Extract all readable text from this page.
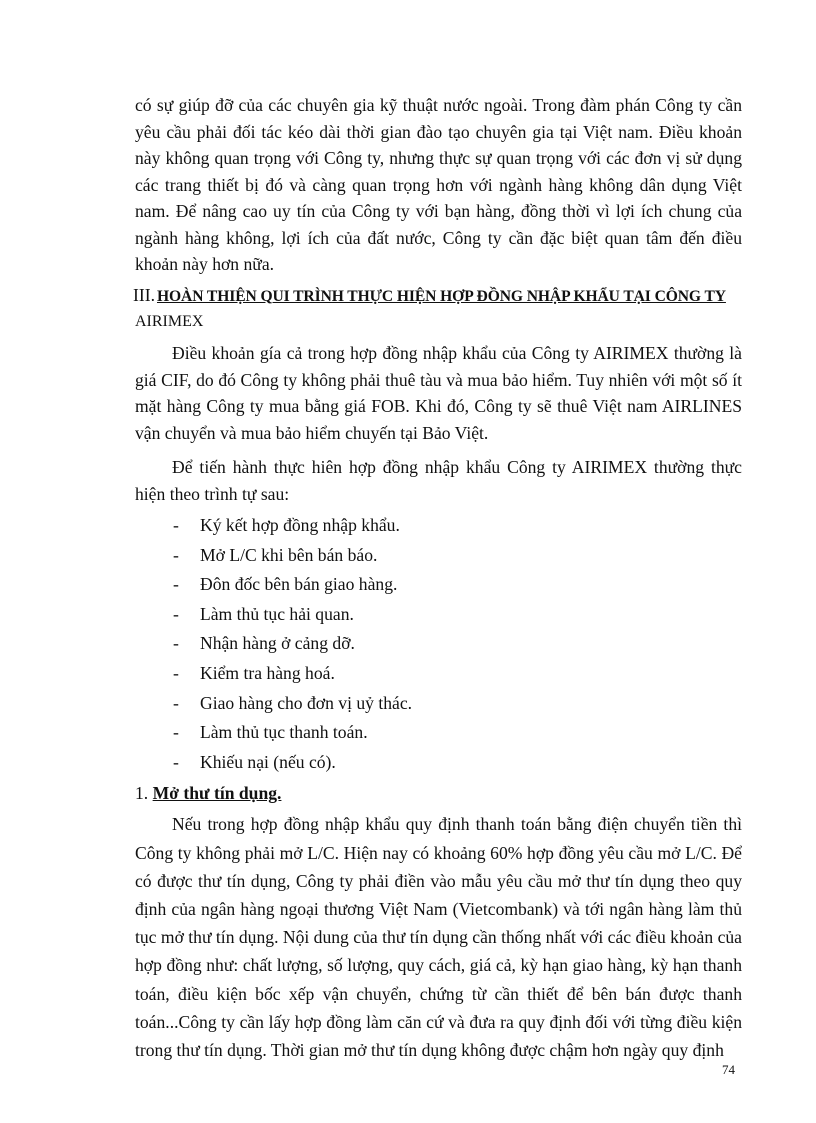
có sự giúp đỡ của các chuyên gia kỹ thuật nước ngoài. Trong đàm phán Công ty cần yêu cầu phải đối tác kéo dài thời gian đào tạo chuyên gia tại Việt nam. Điều khoản này không quan trọng với Công ty, nhưng thực sự quan trọng với các đơn vị sử dụng các trang thiết bị đó và càng quan trọng hơn với ngành hàng không dân dụng Việt nam. Để nâng cao uy tín của Công ty với bạn hàng, đồng thời vì lợi ích chung của ngành hàng không, lợi ích của đất nước, Công ty cần đặc biệt quan tâm đến điều khoản này hơn nữa.

III. HOÀN THIỆN QUI TRÌNH THỰC HIỆN HỢP ĐỒNG NHẬP KHẨU TẠI CÔNG TY
AIRIMEX

Điều khoản gía cả trong hợp đồng nhập khẩu của Công ty AIRIMEX thường là giá CIF, do đó Công ty không phải thuê tàu và mua bảo hiểm. Tuy nhiên với một số ít mặt hàng Công ty mua bằng giá FOB. Khi đó, Công ty sẽ thuê Việt nam AIRLINES vận chuyển và mua bảo hiểm chuyến tại Bảo Việt.

Để tiến hành thực hiên hợp đồng nhập khẩu Công ty AIRIMEX thường thực hiện theo trình tự sau:

-	Ký kết hợp đồng nhập khẩu.
-	Mở L/C khi bên bán báo.
-	Đôn đốc bên bán giao hàng.
-	Làm thủ tục hải quan.
-	Nhận hàng ở cảng dỡ.
-	Kiểm tra hàng hoá.
-	Giao hàng cho đơn vị uỷ thác.
-	Làm thủ tục thanh toán.
-	Khiếu nại (nếu có).
1. Mở thư tín dụng.

Nếu trong hợp đồng nhập khẩu quy định thanh toán bằng điện chuyển tiền thì Công ty không phải mở L/C. Hiện nay có khoảng 60% hợp đồng yêu cầu mở L/C. Để có được thư tín dụng, Công ty phải điền vào mẫu yêu cầu mở thư tín dụng theo quy định của ngân hàng ngoại thương Việt Nam (Vietcombank) và tới ngân hàng làm thủ tục mở thư tín dụng. Nội dung của thư tín dụng cần thống nhất với các điều khoản của hợp đồng như: chất lượng, số lượng, quy cách, giá cả, kỳ hạn giao hàng, kỳ hạn thanh toán, điều kiện bốc xếp vận chuyển, chứng từ cần thiết để bên bán được thanh toán...Công ty cần lấy hợp đồng làm căn cứ và đưa ra quy định đối với từng điều kiện trong thư tín dụng. Thời gian mở thư tín dụng không được chậm hơn ngày quy định

74
